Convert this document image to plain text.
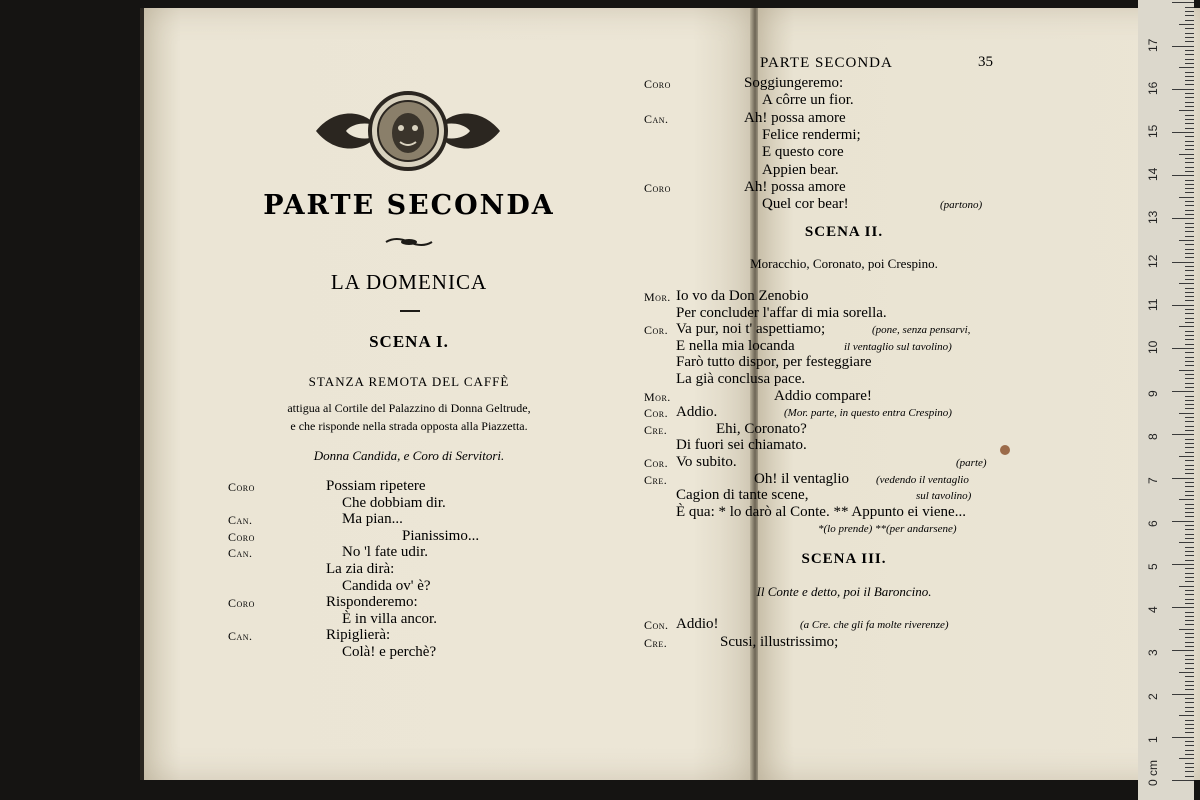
PARTE SECONDA
LA DOMENICA
SCENA I.
STANZA REMOTA DEL CAFFÈ
attigua al Cortile del Palazzino di Donna Geltrude,
e che risponde nella strada opposta alla Piazzetta.
Donna Candida, e Coro di Servitori.
Coro	Possiam ripetere
Che dobbiam dir.
Can.	Ma pian...
Coro	Pianissimo...
Can.	No 'l fate udir.
La zia dirà:
Candida ov' è?
Coro	Risponderemo:
È in villa ancor.
Can.	Ripiglierà:
Colà! e perchè?
PARTE SECONDA	35
Coro	Soggiungeremo:
A côrre un fior.
Can.	Ah! possa amore
Felice rendermi;
E questo core
Appien bear.
Coro	Ah! possa amore
Quel cor bear!	(partono)
SCENA II.
Moracchio, Coronato, poi Crespino.
Mor. Io vo da Don Zenobio
Per concluder l'affar di mia sorella.
Cor. Va pur, noi t' aspettiamo;	(pone, senza pensarvi,
E nella mia locanda	il ventaglio sul tavolino)
Farò tutto dispor, per festeggiare
La già conclusa pace.
Mor.	Addio compare!
Cor. Addio.	(Mor. parte, in questo entra Crespino)
Cre.	Ehi, Coronato?
Di fuori sei chiamato.
Cor. Vo subito.	(parte)
Cre.	Oh! il ventaglio (vedendo il ventaglio
Cagion di tante scene,	sul tavolino)
È qua: * lo darò al Conte. ** Appunto ei viene...
*(lo prende) **(per andarsene)
SCENA III.
Il Conte e detto, poi il Baroncino.
Con. Addio!	(a Cre. che gli fa molte riverenze)
Cre.	Scusi, illustrissimo;
0 cm
1
2
3
4
5
6
7
8
9
10
11
12
13
14
15
16
17
